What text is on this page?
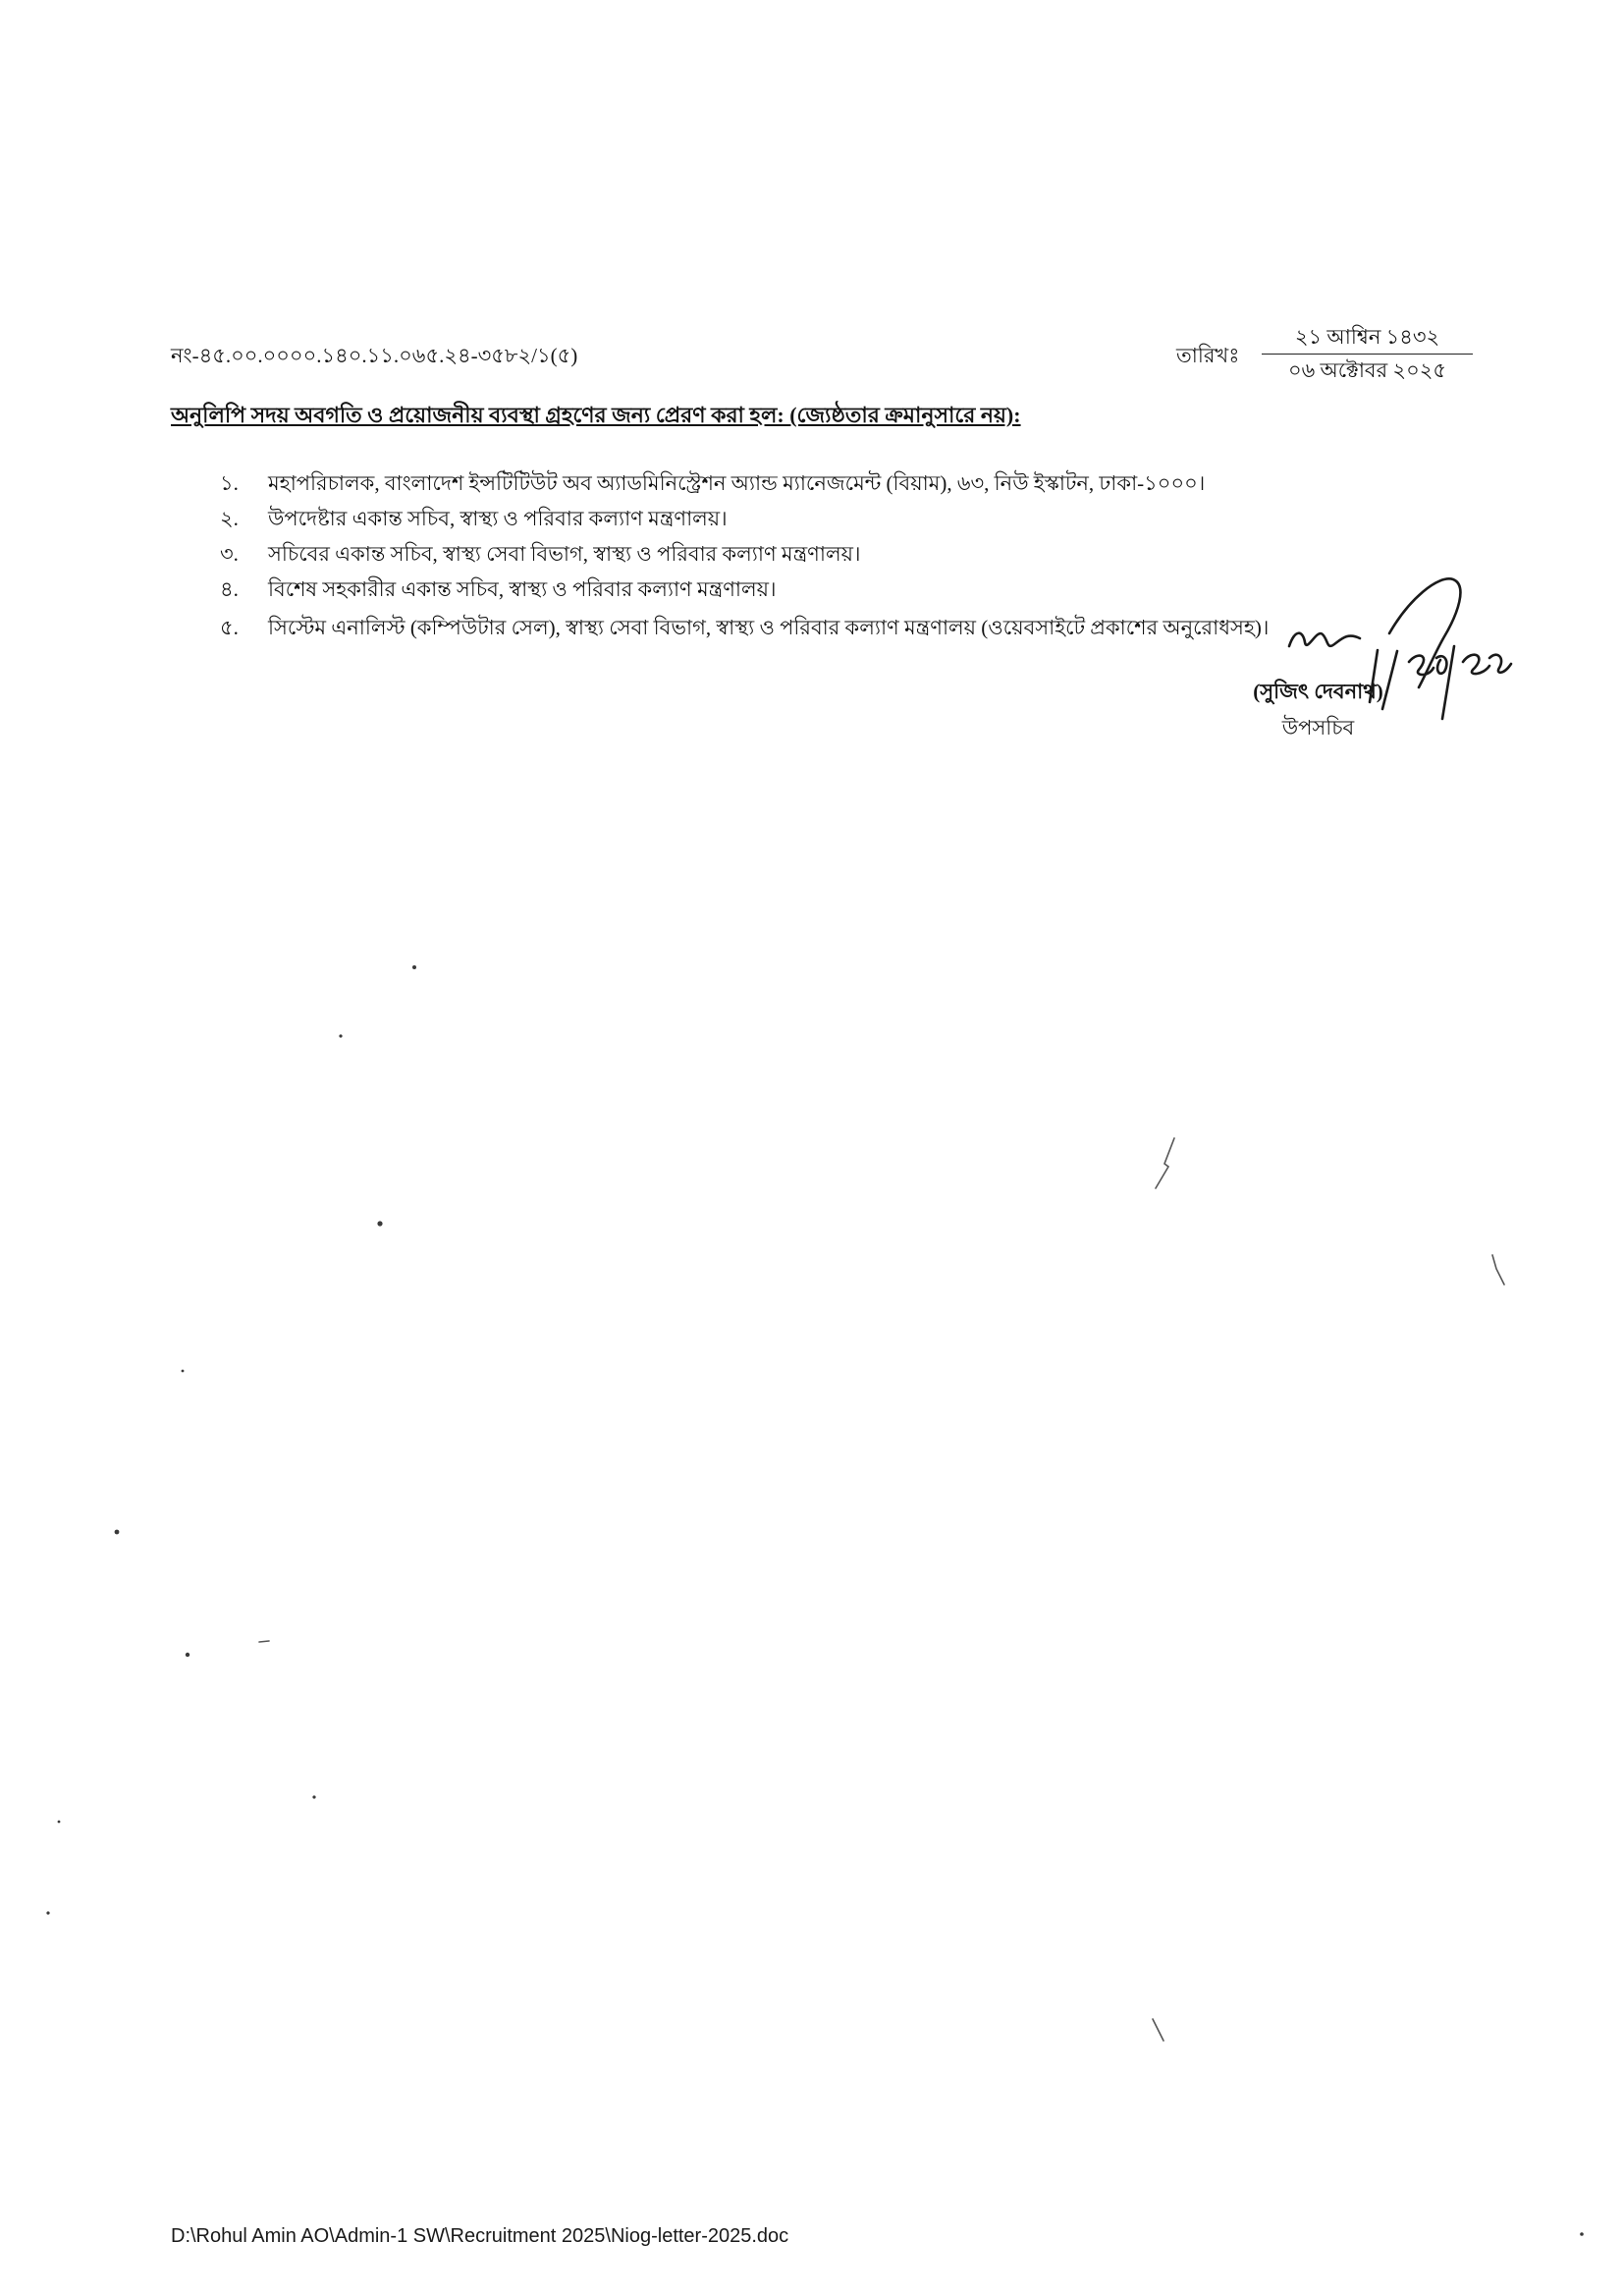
নং-৪৫.০০.০০০০.১৪০.১১.০৬৫.২৪-৩৫৮২/১(৫)	তারিখঃ
২১ আশ্বিন ১৪৩২
০৬ অক্টোবর ২০২৫
অনুলিপি সদয় অবগতি ও প্রয়োজনীয় ব্যবস্থা গ্রহণের জন্য প্রেরণ করা হল: (জ্যেষ্ঠতার ক্রমানুসারে নয়):
১.	মহাপরিচালক, বাংলাদেশ ইন্সটিটিউট অব অ্যাডমিনিস্ট্রেশন অ্যান্ড ম্যানেজমেন্ট (বিয়াম), ৬৩, নিউ ইস্কাটন, ঢাকা-১০০০।
২.	উপদেষ্টার একান্ত সচিব, স্বাস্থ্য ও পরিবার কল্যাণ মন্ত্রণালয়।
৩.	সচিবের একান্ত সচিব, স্বাস্থ্য সেবা বিভাগ, স্বাস্থ্য ও পরিবার কল্যাণ মন্ত্রণালয়।
৪.	বিশেষ সহকারীর একান্ত সচিব, স্বাস্থ্য ও পরিবার কল্যাণ মন্ত্রণালয়।
৫.	সিস্টেম এনালিস্ট (কম্পিউটার সেল), স্বাস্থ্য সেবা বিভাগ, স্বাস্থ্য ও পরিবার কল্যাণ মন্ত্রণালয় (ওয়েবসাইটে প্রকাশের অনুরোধসহ)।
(সুজিৎ দেবনাথ)
উপসচিব
D:\Rohul Amin AO\Admin-1 SW\Recruitment 2025\Niog-letter-2025.doc
